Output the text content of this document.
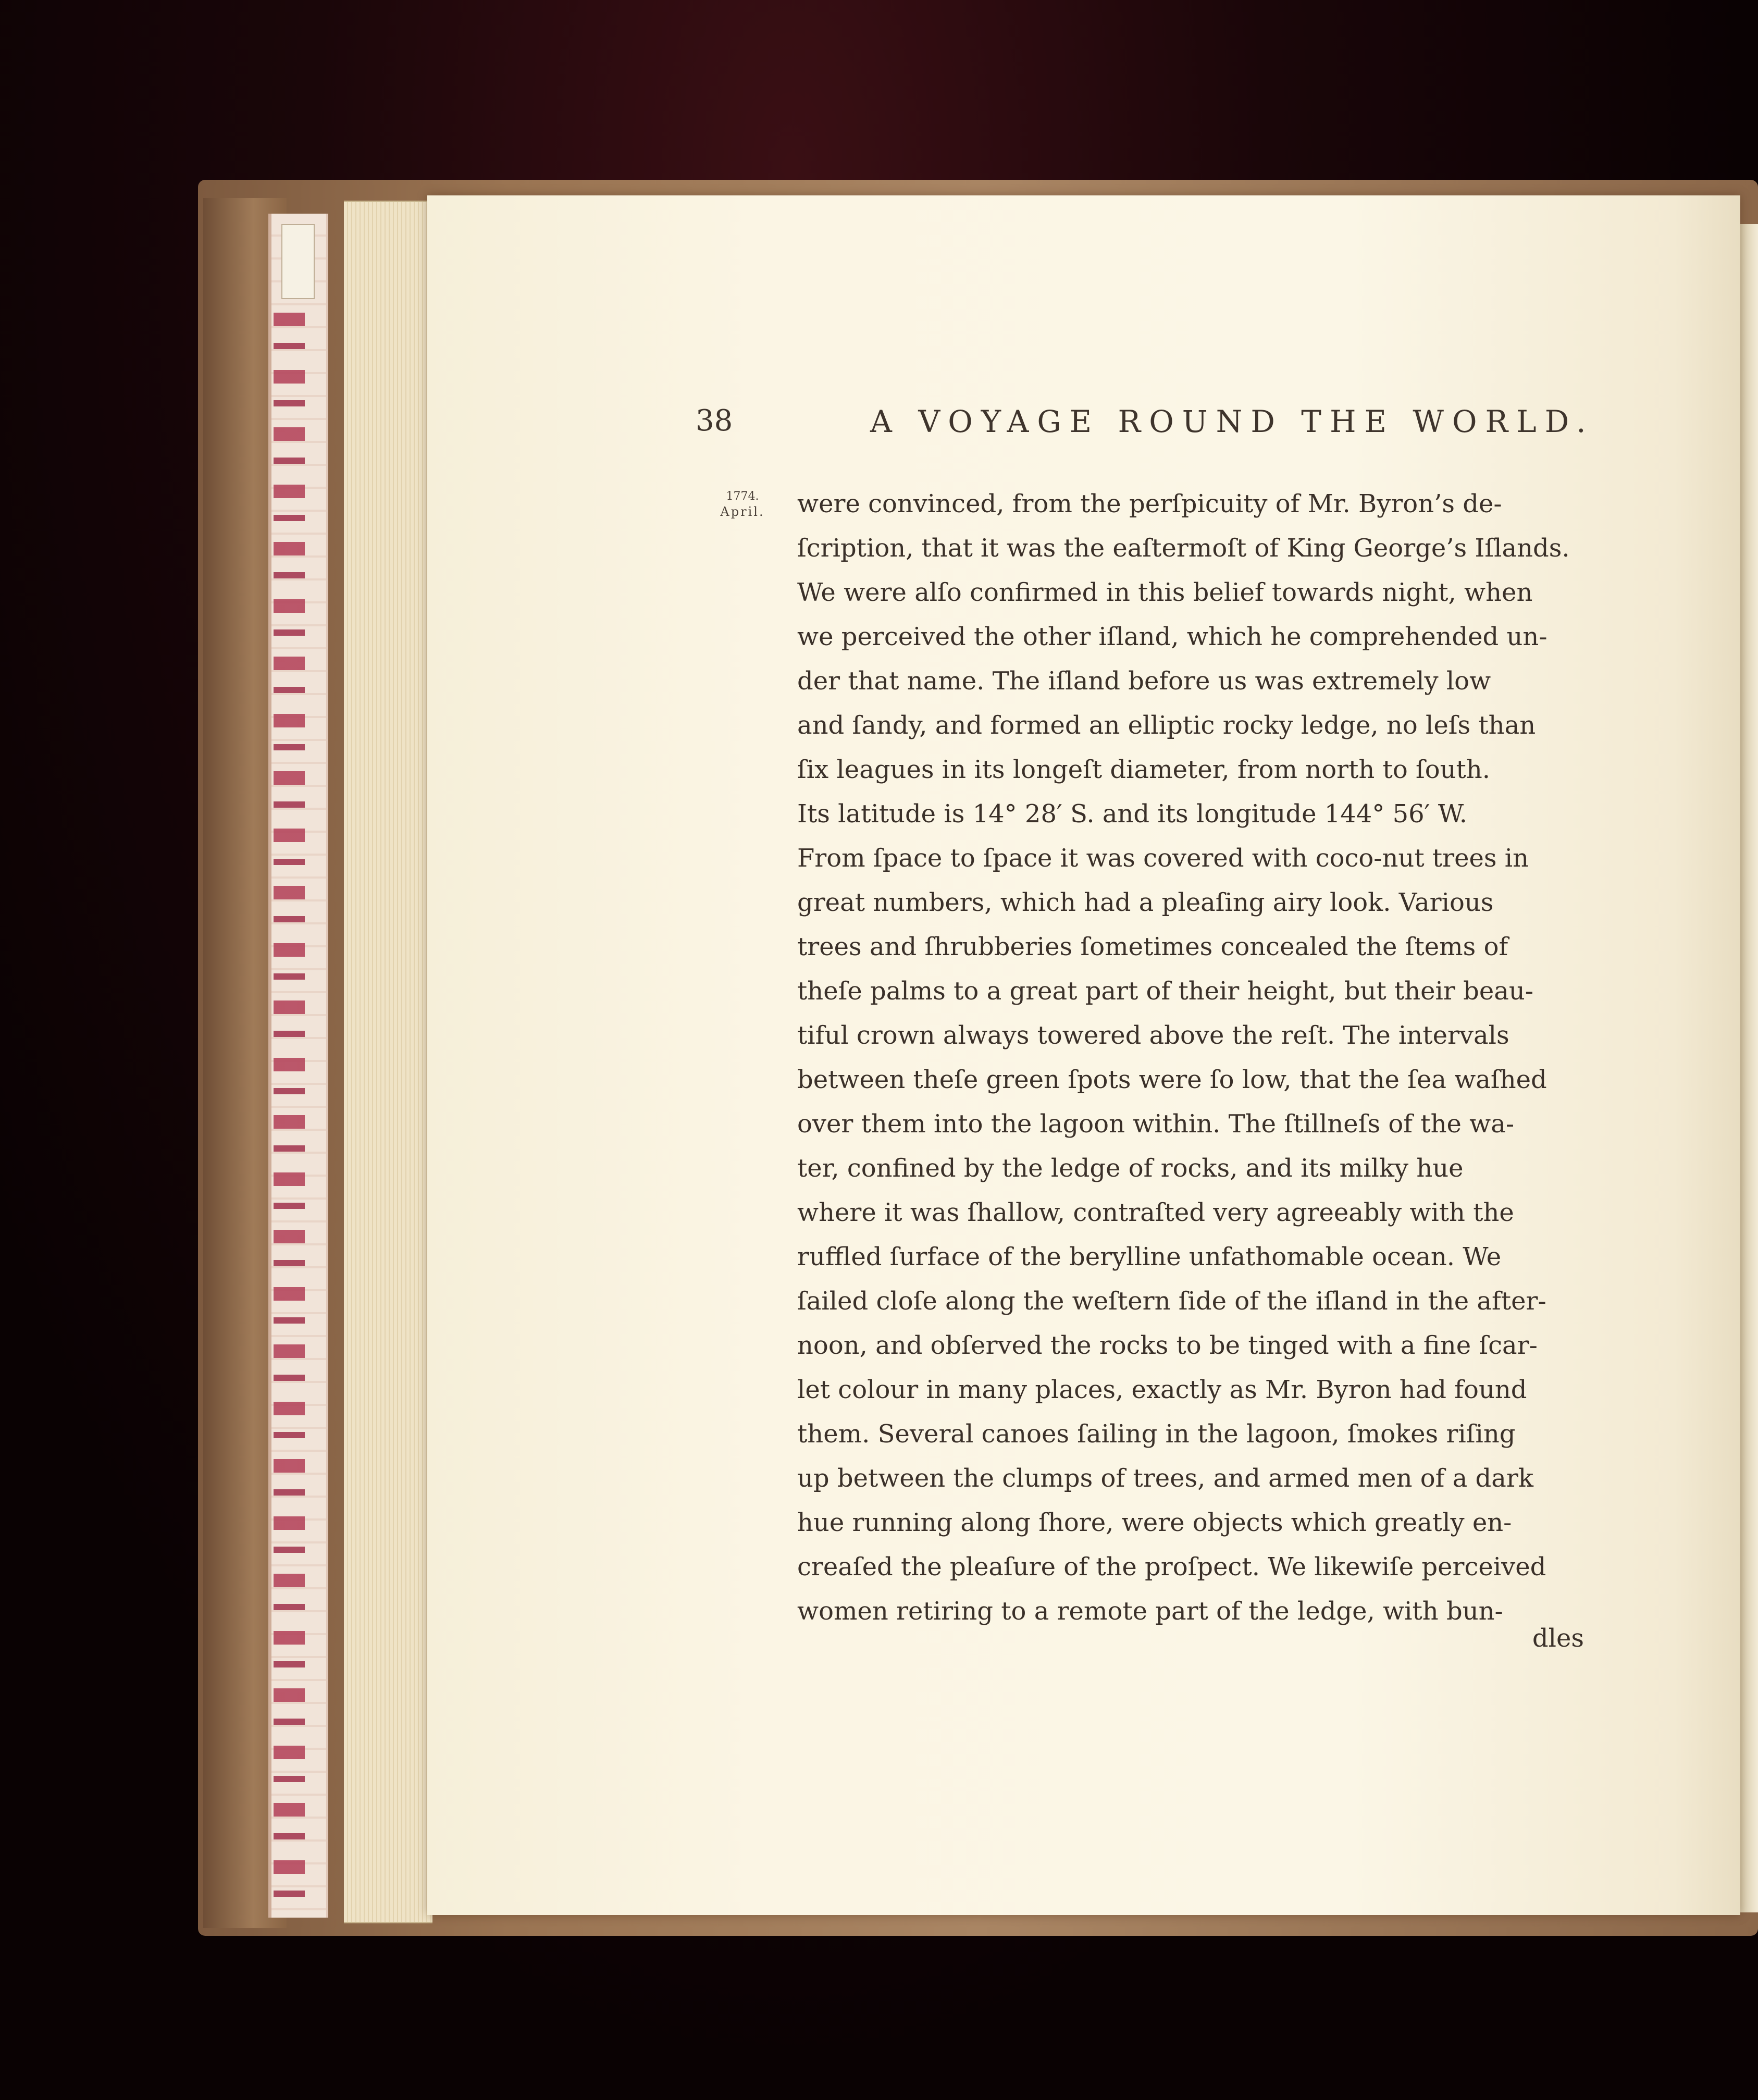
38	A VOYAGE ROUND THE WORLD.
1774.
April. were convinced, from the perſpicuity of Mr. Byron’s de-
ſcription, that it was the eaſtermoſt of King George’s Iſlands.
We were alſo confirmed in this belief towards night, when
we perceived the other iſland, which he comprehended un-
der that name. The iſland before us was extremely low
and ſandy, and formed an elliptic rocky ledge, no leſs than
ſix leagues in its longeſt diameter, from north to ſouth.
Its latitude is 14° 28′ S. and its longitude 144° 56′ W.
From ſpace to ſpace it was covered with coco-nut trees in
great numbers, which had a pleaſing airy look. Various
trees and ſhrubberies ſometimes concealed the ſtems of
theſe palms to a great part of their height, but their beau-
tiful crown always towered above the reſt. The intervals
between theſe green ſpots were ſo low, that the ſea waſhed
over them into the lagoon within. The ſtillneſs of the wa-
ter, confined by the ledge of rocks, and its milky hue
where it was ſhallow, contraſted very agreeably with the
ruffled ſurface of the berylline unfathomable ocean. We
ſailed cloſe along the weſtern ſide of the iſland in the after-
noon, and obſerved the rocks to be tinged with a fine ſcar-
let colour in many places, exactly as Mr. Byron had found
them. Several canoes ſailing in the lagoon, ſmokes riſing
up between the clumps of trees, and armed men of a dark
hue running along ſhore, were objects which greatly en-
creaſed the pleaſure of the proſpect. We likewiſe perceived
women retiring to a remote part of the ledge, with bun-
dles
